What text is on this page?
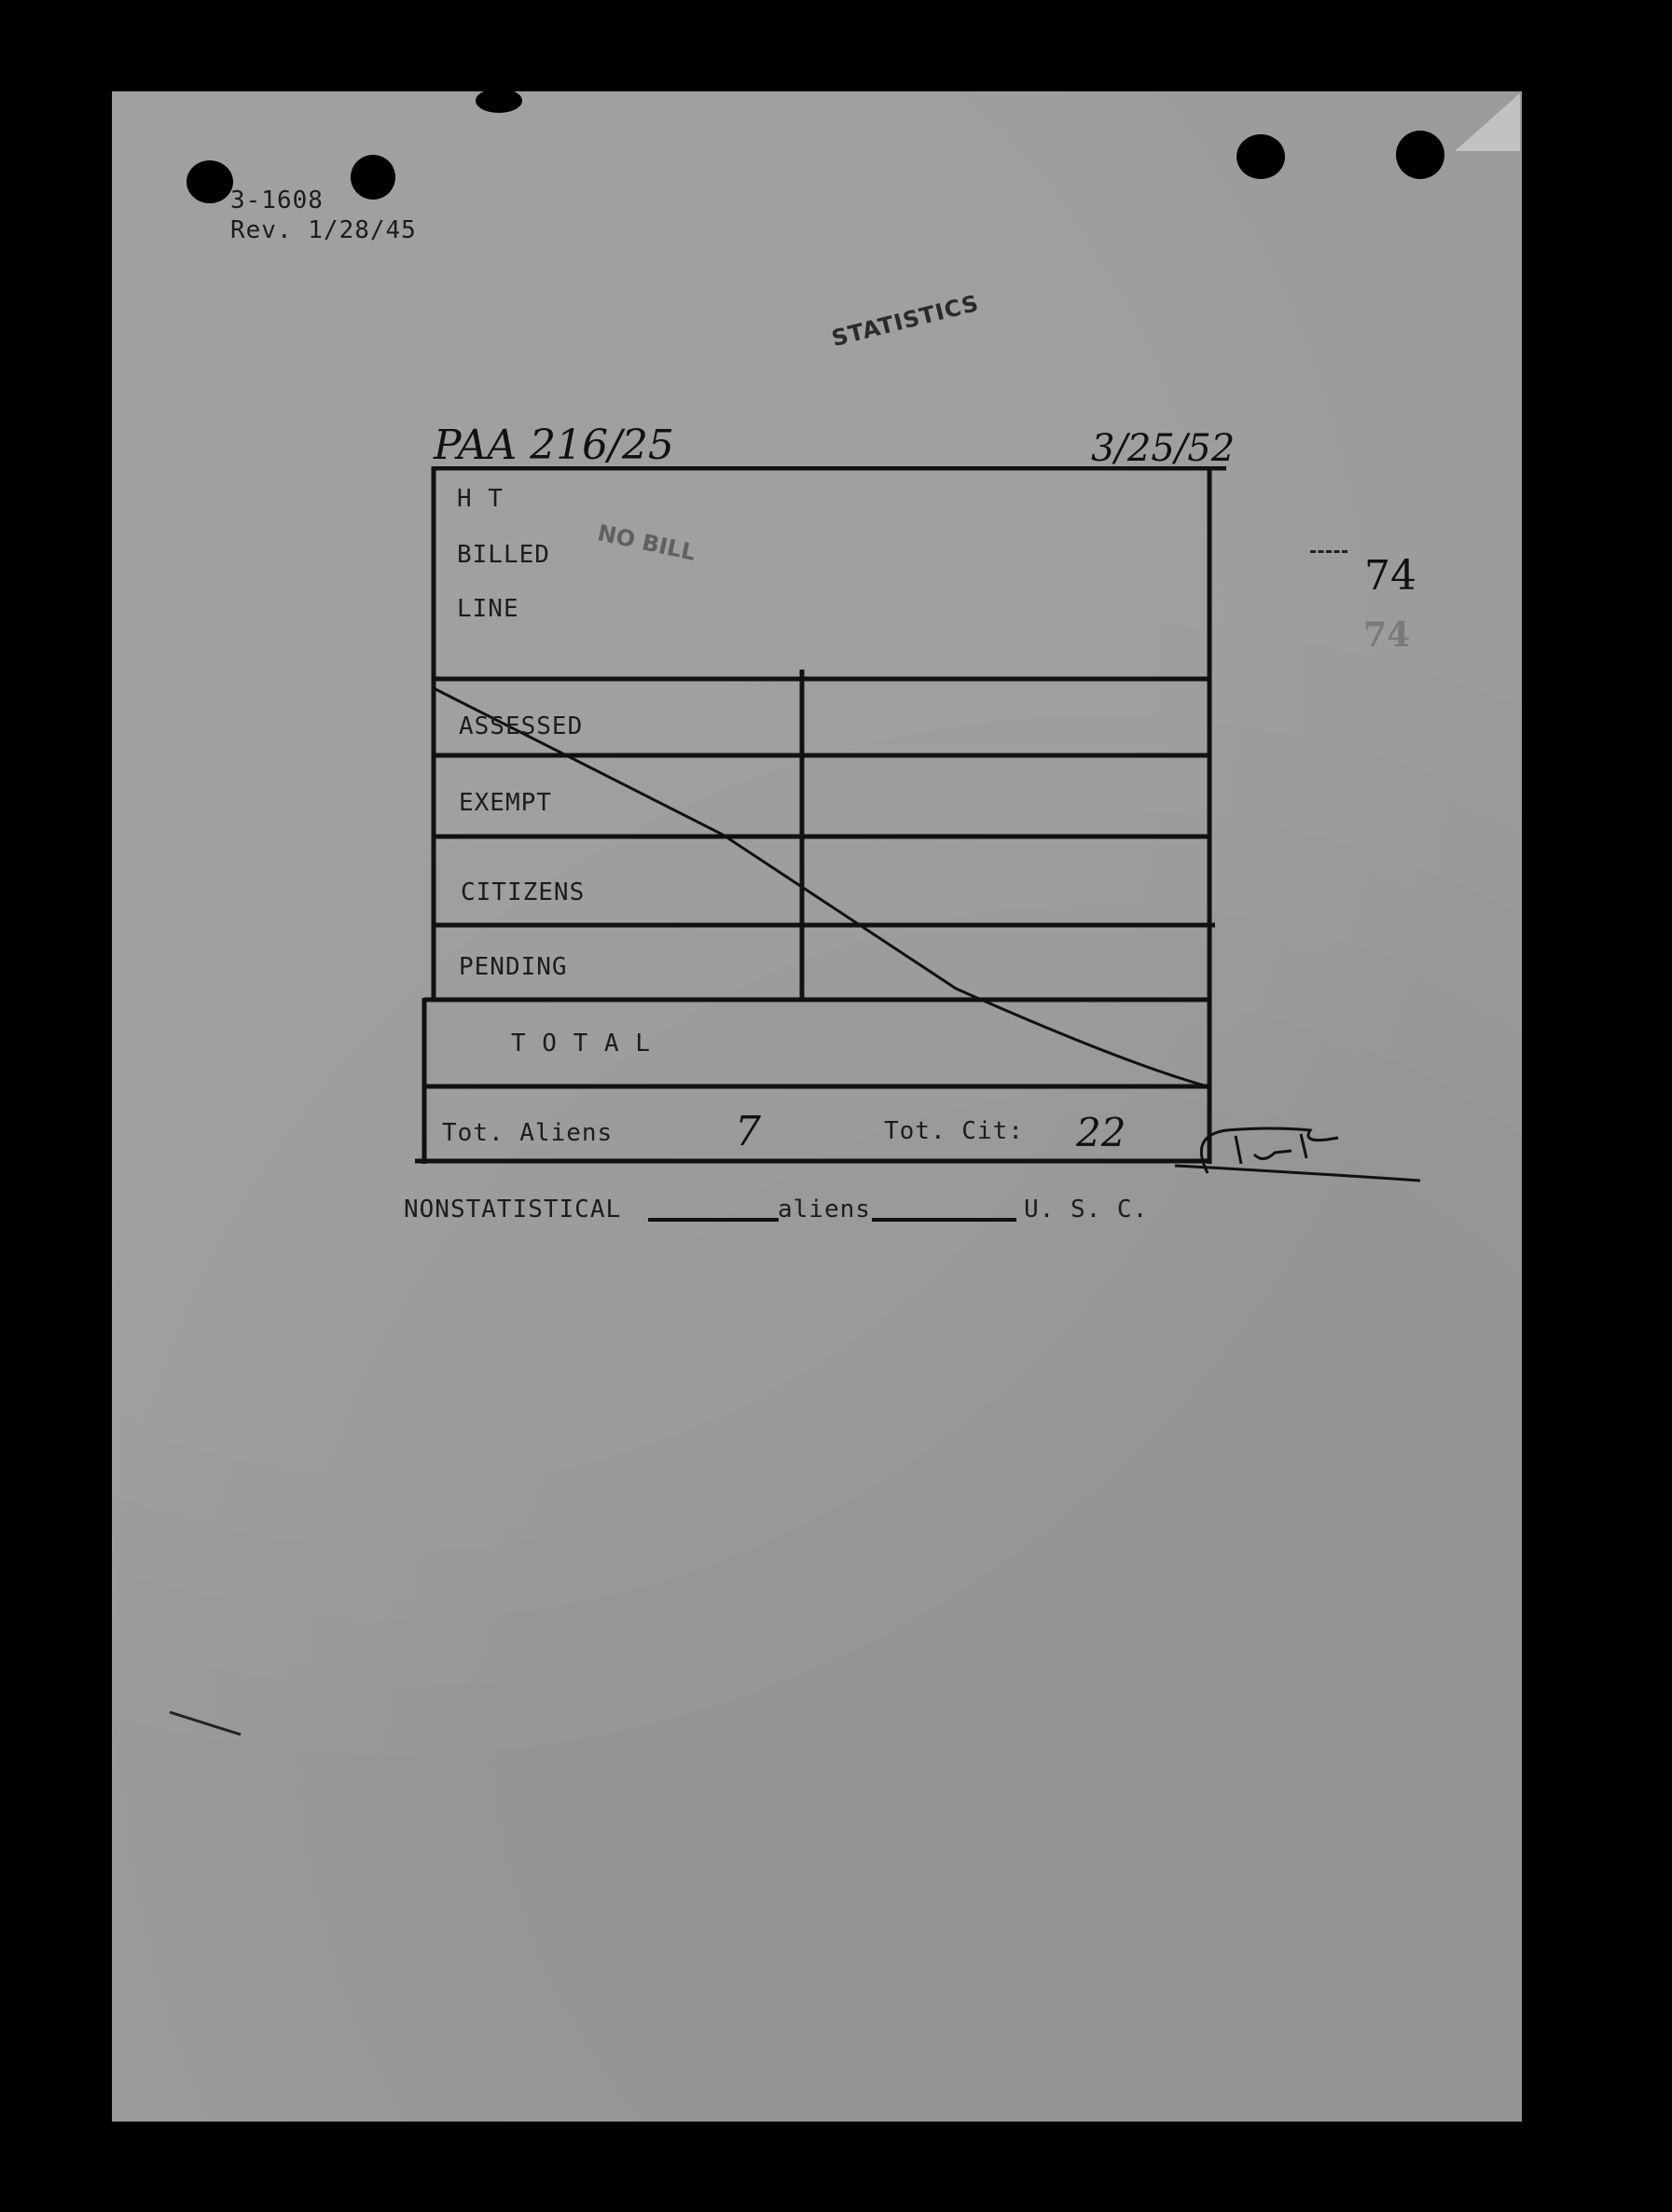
3-1608
Rev. 1/28/45
STATISTICS
PAA 216/25	3/25/52
H T
BILLED
LINE
NO BILL
ASSESSED
EXEMPT
CITIZENS
PENDING
T O T A L
Tot. Aliens	7	Tot. Cit: 22
NONSTATISTICAL	aliens	U. S. C.
74
74
